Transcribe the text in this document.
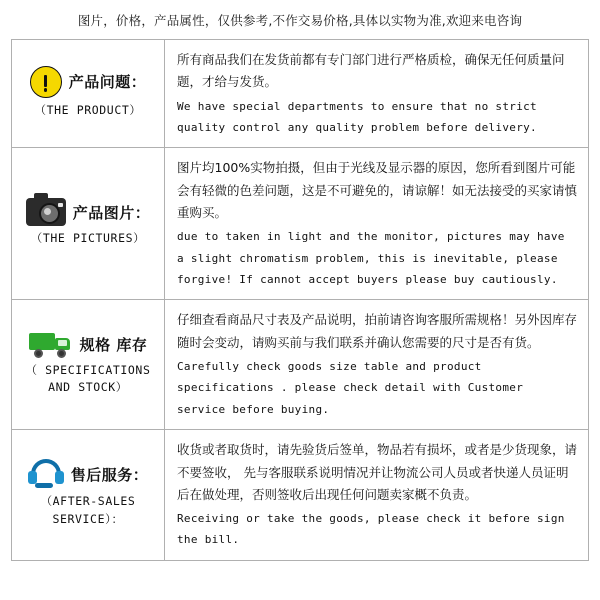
图片，价格，产品属性，仅供参考,不作交易价格,具体以实物为准,欢迎来电咨询
产品问题：
（THE PRODUCT）

所有商品我们在发货前都有专门部门进行严格质检，确保无任何质量问题，才给与发货。
We have special departments to ensure that no strict quality control any quality problem before delivery.

产品图片：
（THE PICTURES）

图片均100%实物拍摄，但由于光线及显示器的原因，您所看到图片可能会有轻微的色差问题，这是不可避免的，请谅解！如无法接受的买家请慎重购买。
due to taken in light and the monitor, pictures may have a slight chromatism problem, this is inevitable, please forgive! If cannot accept buyers please buy cautiously.

规格 库存
（ SPECIFICATIONS AND STOCK）

仔细查看商品尺寸表及产品说明，拍前请咨询客服所需规格！另外因库存随时会变动，请购买前与我们联系并确认您需要的尺寸是否有货。
Carefully check goods size table and product specifications . please check detail with Customer service before buying.

售后服务：
（AFTER-SALES SERVICE）：

收货或者取货时，请先验货后签单，物品若有损坏，或者是少货现象，请不要签收， 先与客服联系说明情况并让物流公司人员或者快递人员证明后在做处理，否则签收后出现任何问题卖家概不负责。
Receiving or take the goods, please check it before sign the bill.
